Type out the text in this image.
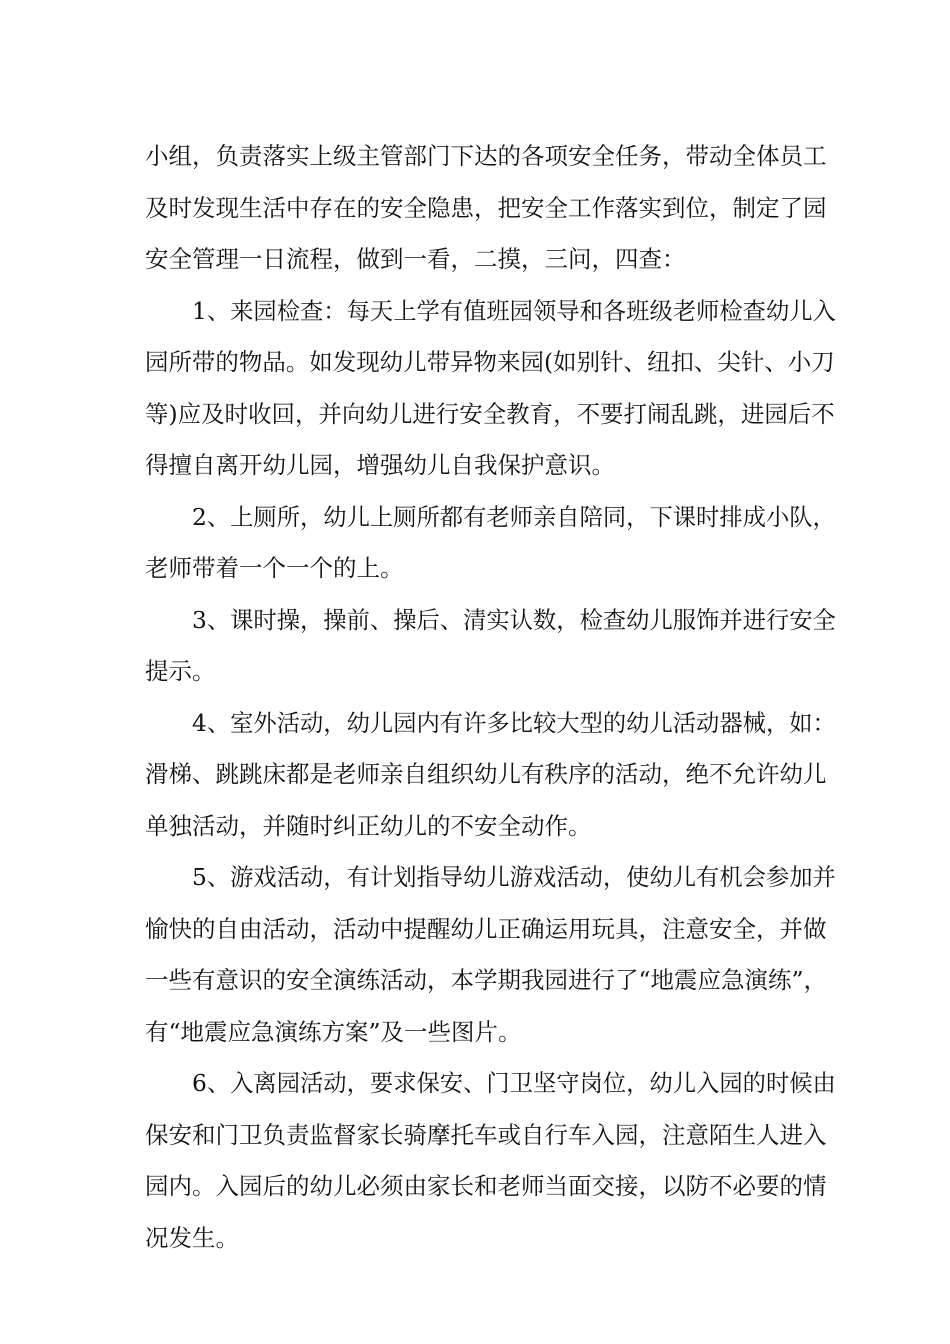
小组，负责落实上级主管部门下达的各项安全任务，带动全体员工
及时发现生活中存在的安全隐患，把安全工作落实到位，制定了园
安全管理一日流程，做到一看，二摸，三问，四查：
1、来园检查：每天上学有值班园领导和各班级老师检查幼儿入
园所带的物品。如发现幼儿带异物来园(如别针、纽扣、尖针、小刀
等)应及时收回，并向幼儿进行安全教育，不要打闹乱跳，进园后不
得擅自离开幼儿园，增强幼儿自我保护意识。
2、上厕所，幼儿上厕所都有老师亲自陪同，下课时排成小队，
老师带着一个一个的上。
3、课时操，操前、操后、清实认数，检查幼儿服饰并进行安全
提示。
4、室外活动，幼儿园内有许多比较大型的幼儿活动器械，如：
滑梯、跳跳床都是老师亲自组织幼儿有秩序的活动，绝不允许幼儿
单独活动，并随时纠正幼儿的不安全动作。
5、游戏活动，有计划指导幼儿游戏活动，使幼儿有机会参加并
愉快的自由活动，活动中提醒幼儿正确运用玩具，注意安全，并做
一些有意识的安全演练活动，本学期我园进行了“地震应急演练”，
有“地震应急演练方案”及一些图片。
6、入离园活动，要求保安、门卫坚守岗位，幼儿入园的时候由
保安和门卫负责监督家长骑摩托车或自行车入园，注意陌生人进入
园内。入园后的幼儿必须由家长和老师当面交接，以防不必要的情
况发生。
